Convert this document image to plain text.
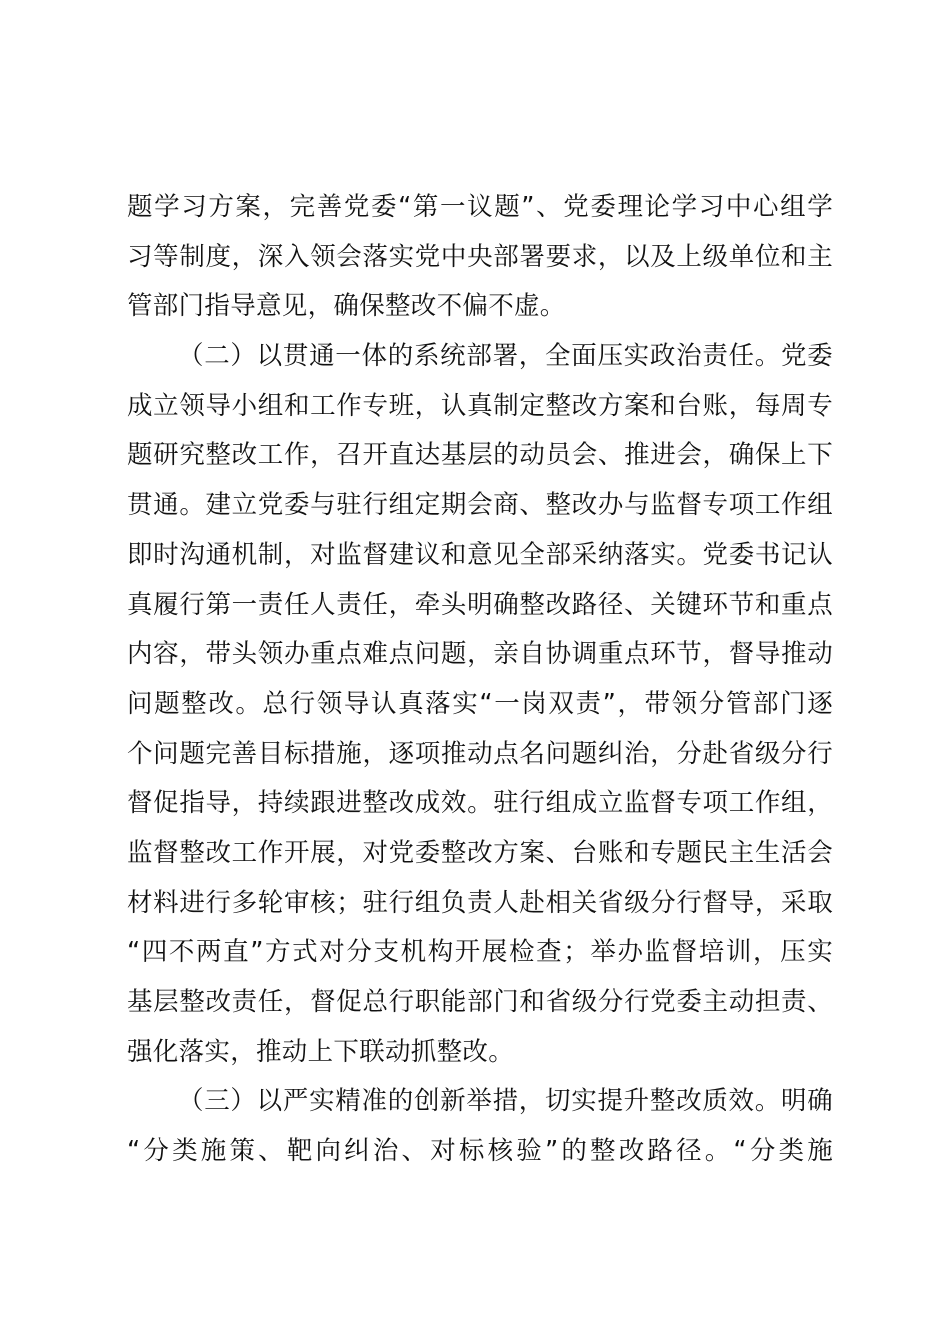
题学习方案，完善党委“第一议题”、党委理论学习中心组学
习等制度，深入领会落实党中央部署要求，以及上级单位和主
管部门指导意见，确保整改不偏不虚。
（二）以贯通一体的系统部署，全面压实政治责任。党委
成立领导小组和工作专班，认真制定整改方案和台账，每周专
题研究整改工作，召开直达基层的动员会、推进会，确保上下
贯通。建立党委与驻行组定期会商、整改办与监督专项工作组
即时沟通机制，对监督建议和意见全部采纳落实。党委书记认
真履行第一责任人责任，牵头明确整改路径、关键环节和重点
内容，带头领办重点难点问题，亲自协调重点环节，督导推动
问题整改。总行领导认真落实“一岗双责”，带领分管部门逐
个问题完善目标措施，逐项推动点名问题纠治，分赴省级分行
督促指导，持续跟进整改成效。驻行组成立监督专项工作组，
监督整改工作开展，对党委整改方案、台账和专题民主生活会
材料进行多轮审核；驻行组负责人赴相关省级分行督导，采取
“四不两直”方式对分支机构开展检查；举办监督培训，压实
基层整改责任，督促总行职能部门和省级分行党委主动担责、
强化落实，推动上下联动抓整改。
（三）以严实精准的创新举措，切实提升整改质效。明确
“分类施策、靶向纠治、对标核验”的整改路径。“分类施
